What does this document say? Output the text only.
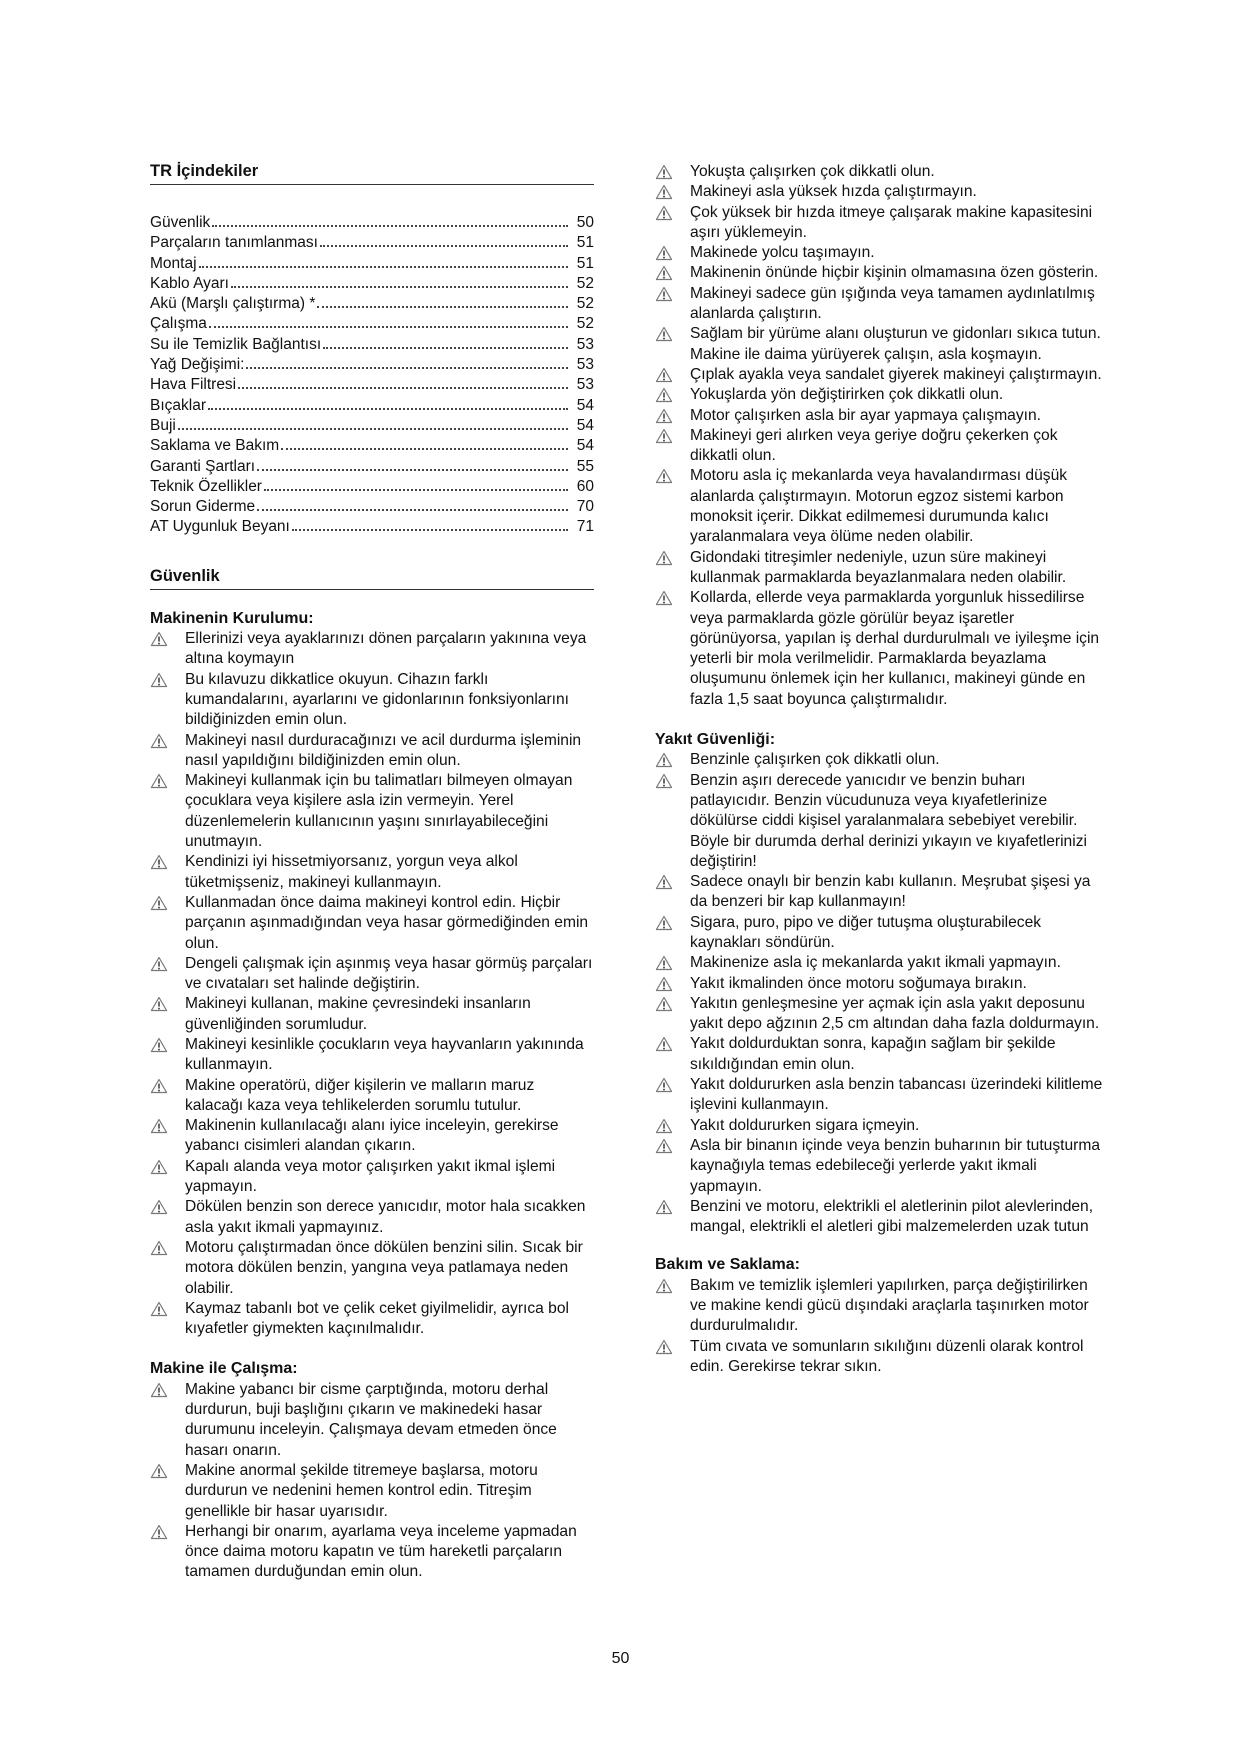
TR İçindekiler
Güvenlik	50
Parçaların tanımlanması	51
Montaj	51
Kablo Ayarı	52
Akü (Marşlı çalıştırma) *	52
Çalışma	52
Su ile Temizlik Bağlantısı	53
Yağ Değişimi:	53
Hava Filtresi	53
Bıçaklar	54
Buji	54
Saklama ve Bakım	54
Garanti Şartları	55
Teknik Özellikler	60
Sorun Giderme	70
AT Uygunluk Beyanı	71
Güvenlik
Makinenin Kurulumu:
Ellerinizi veya ayaklarınızı dönen parçaların yakınına veya altına koymayın
Bu kılavuzu dikkatlice okuyun. Cihazın farklı kumandalarını, ayarlarını ve gidonlarının fonksiyonlarını bildiğinizden emin olun.
Makineyi nasıl durduracağınızı ve acil durdurma işleminin nasıl yapıldığını bildiğinizden emin olun.
Makineyi kullanmak için bu talimatları bilmeyen olmayan çocuklara veya kişilere asla izin vermeyin. Yerel düzenlemelerin kullanıcının yaşını sınırlayabileceğini unutmayın.
Kendinizi iyi hissetmiyorsanız, yorgun veya alkol tüketmişseniz, makineyi kullanmayın.
Kullanmadan önce daima makineyi kontrol edin. Hiçbir parçanın aşınmadığından veya hasar görmediğinden emin olun.
Dengeli çalışmak için aşınmış veya hasar görmüş parçaları ve cıvataları set halinde değiştirin.
Makineyi kullanan, makine çevresindeki insanların güvenliğinden sorumludur.
Makineyi kesinlikle çocukların veya hayvanların yakınında kullanmayın.
Makine operatörü, diğer kişilerin ve malların maruz kalacağı kaza veya tehlikelerden sorumlu tutulur.
Makinenin kullanılacağı alanı iyice inceleyin, gerekirse yabancı cisimleri alandan çıkarın.
Kapalı alanda veya motor çalışırken yakıt ikmal işlemi yapmayın.
Dökülen benzin son derece yanıcıdır, motor hala sıcakken asla yakıt ikmali yapmayınız.
Motoru çalıştırmadan önce dökülen benzini silin. Sıcak bir motora dökülen benzin, yangına veya patlamaya neden olabilir.
Kaymaz tabanlı bot ve çelik ceket giyilmelidir, ayrıca bol kıyafetler giymekten kaçınılmalıdır.
Makine ile Çalışma:
Makine yabancı bir cisme çarptığında, motoru derhal durdurun, buji başlığını çıkarın ve makinedeki hasar durumunu inceleyin. Çalışmaya devam etmeden önce hasarı onarın.
Makine anormal şekilde titremeye başlarsa, motoru durdurun ve nedenini hemen kontrol edin. Titreşim genellikle bir hasar uyarısıdır.
Herhangi bir onarım, ayarlama veya inceleme yapmadan önce daima motoru kapatın ve tüm hareketli parçaların tamamen durduğundan emin olun.
Yokuşta çalışırken çok dikkatli olun.
Makineyi asla yüksek hızda çalıştırmayın.
Çok yüksek bir hızda itmeye çalışarak makine kapasitesini aşırı yüklemeyin.
Makinede yolcu taşımayın.
Makinenin önünde hiçbir kişinin olmamasına özen gösterin.
Makineyi sadece gün ışığında veya tamamen aydınlatılmış alanlarda çalıştırın.
Sağlam bir yürüme alanı oluşturun ve gidonları sıkıca tutun. Makine ile daima yürüyerek çalışın, asla koşmayın.
Çıplak ayakla veya sandalet giyerek makineyi çalıştırmayın.
Yokuşlarda yön değiştirirken çok dikkatli olun.
Motor çalışırken asla bir ayar yapmaya çalışmayın.
Makineyi geri alırken veya geriye doğru çekerken çok dikkatli olun.
Motoru asla iç mekanlarda veya havalandırması düşük alanlarda çalıştırmayın. Motorun egzoz sistemi karbon monoksit içerir. Dikkat edilmemesi durumunda kalıcı yaralanmalara veya ölüme neden olabilir.
Gidondaki titreşimler nedeniyle, uzun süre makineyi kullanmak parmaklarda beyazlanmalara neden olabilir.
Kollarda, ellerde veya parmaklarda yorgunluk hissedilirse veya parmaklarda gözle görülür beyaz işaretler görünüyorsa, yapılan iş derhal durdurulmalı ve iyileşme için yeterli bir mola verilmelidir. Parmaklarda beyazlama oluşumunu önlemek için her kullanıcı, makineyi günde en fazla 1,5 saat boyunca çalıştırmalıdır.
Yakıt Güvenliği:
Benzinle çalışırken çok dikkatli olun.
Benzin aşırı derecede yanıcıdır ve benzin buharı patlayıcıdır. Benzin vücudunuza veya kıyafetlerinize dökülürse ciddi kişisel yaralanmalara sebebiyet verebilir. Böyle bir durumda derhal derinizi yıkayın ve kıyafetlerinizi değiştirin!
Sadece onaylı bir benzin kabı kullanın. Meşrubat şişesi ya da benzeri bir kap kullanmayın!
Sigara, puro, pipo ve diğer tutuşma oluşturabilecek kaynakları söndürün.
Makinenize asla iç mekanlarda yakıt ikmali yapmayın.
Yakıt ikmalinden önce motoru soğumaya bırakın.
Yakıtın genleşmesine yer açmak için asla yakıt deposunu yakıt depo ağzının 2,5 cm altından daha fazla doldurmayın.
Yakıt doldurduktan sonra, kapağın sağlam bir şekilde sıkıldığından emin olun.
Yakıt doldururken asla benzin tabancası üzerindeki kilitleme işlevini kullanmayın.
Yakıt doldururken sigara içmeyin.
Asla bir binanın içinde veya benzin buharının bir tutuşturma kaynağıyla temas edebileceği yerlerde yakıt ikmali yapmayın.
Benzini ve motoru, elektrikli el aletlerinin pilot alevlerinden, mangal, elektrikli el aletleri gibi malzemelerden uzak tutun
Bakım ve Saklama:
Bakım ve temizlik işlemleri yapılırken, parça değiştirilirken ve makine kendi gücü dışındaki araçlarla taşınırken motor durdurulmalıdır.
Tüm cıvata ve somunların sıkılığını düzenli olarak kontrol edin. Gerekirse tekrar sıkın.
50
